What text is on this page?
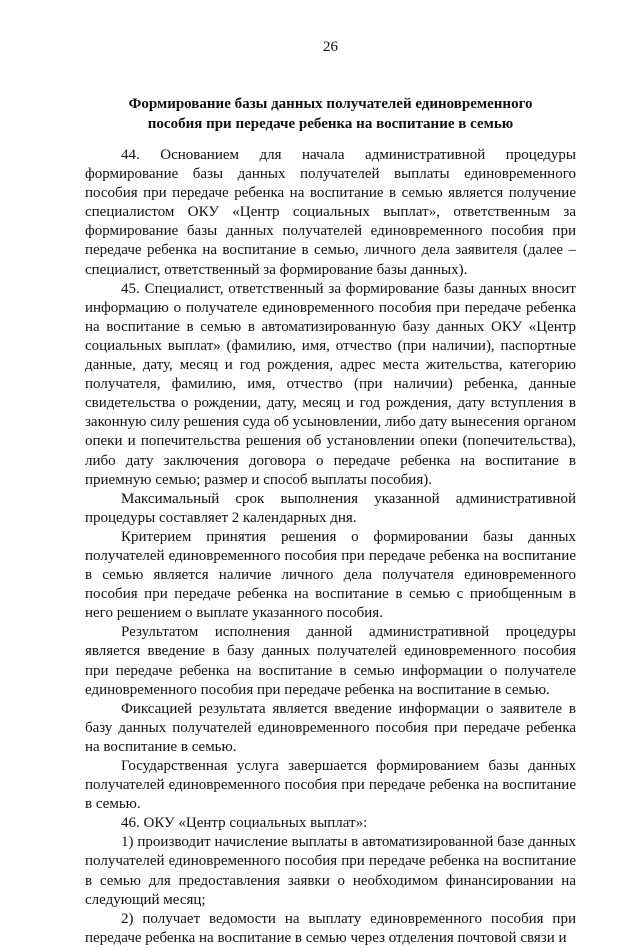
26
Формирование базы данных получателей единовременного
пособия при передаче ребенка на воспитание в семью

44. Основанием для начала административной процедуры формирование базы данных получателей выплаты единовременного пособия при передаче ребенка на воспитание в семью является получение специалистом ОКУ «Центр социальных выплат», ответственным за формирование базы данных получателей единовременного пособия при передаче ребенка на воспитание в семью, личного дела заявителя (далее – специалист, ответственный за формирование базы данных).

45. Специалист, ответственный за формирование базы данных вносит информацию о получателе единовременного пособия при передаче ребенка на воспитание в семью в автоматизированную базу данных ОКУ «Центр социальных выплат» (фамилию, имя, отчество (при наличии), паспортные данные, дату, месяц и год рождения, адрес места жительства, категорию получателя, фамилию, имя, отчество (при наличии) ребенка, данные свидетельства о рождении, дату, месяц и год рождения, дату вступления в законную силу решения суда об усыновлении, либо дату вынесения органом опеки и попечительства решения об установлении опеки (попечительства), либо дату заключения договора о передаче ребенка на воспитание в приемную семью; размер и способ выплаты пособия).

Максимальный срок выполнения указанной административной процедуры составляет 2 календарных дня.

Критерием принятия решения о формировании базы данных получателей единовременного пособия при передаче ребенка на воспитание в семью является наличие личного дела получателя единовременного пособия при передаче ребенка на воспитание в семью с приобщенным в него решением о выплате указанного пособия.

Результатом исполнения данной административной процедуры является введение в базу данных получателей единовременного пособия при передаче ребенка на воспитание в семью информации о получателе единовременного пособия при передаче ребенка на воспитание в семью.

Фиксацией результата является введение информации о заявителе в базу данных получателей единовременного пособия при передаче ребенка на воспитание в семью.

Государственная услуга завершается формированием базы данных получателей единовременного пособия при передаче ребенка на воспитание в семью.

46. ОКУ «Центр социальных выплат»:

1) производит начисление выплаты в автоматизированной базе данных получателей единовременного пособия при передаче ребенка на воспитание в семью для предоставления заявки о необходимом финансировании на следующий месяц;

2) получает ведомости на выплату единовременного пособия при передаче ребенка на воспитание в семью через отделения почтовой связи и
